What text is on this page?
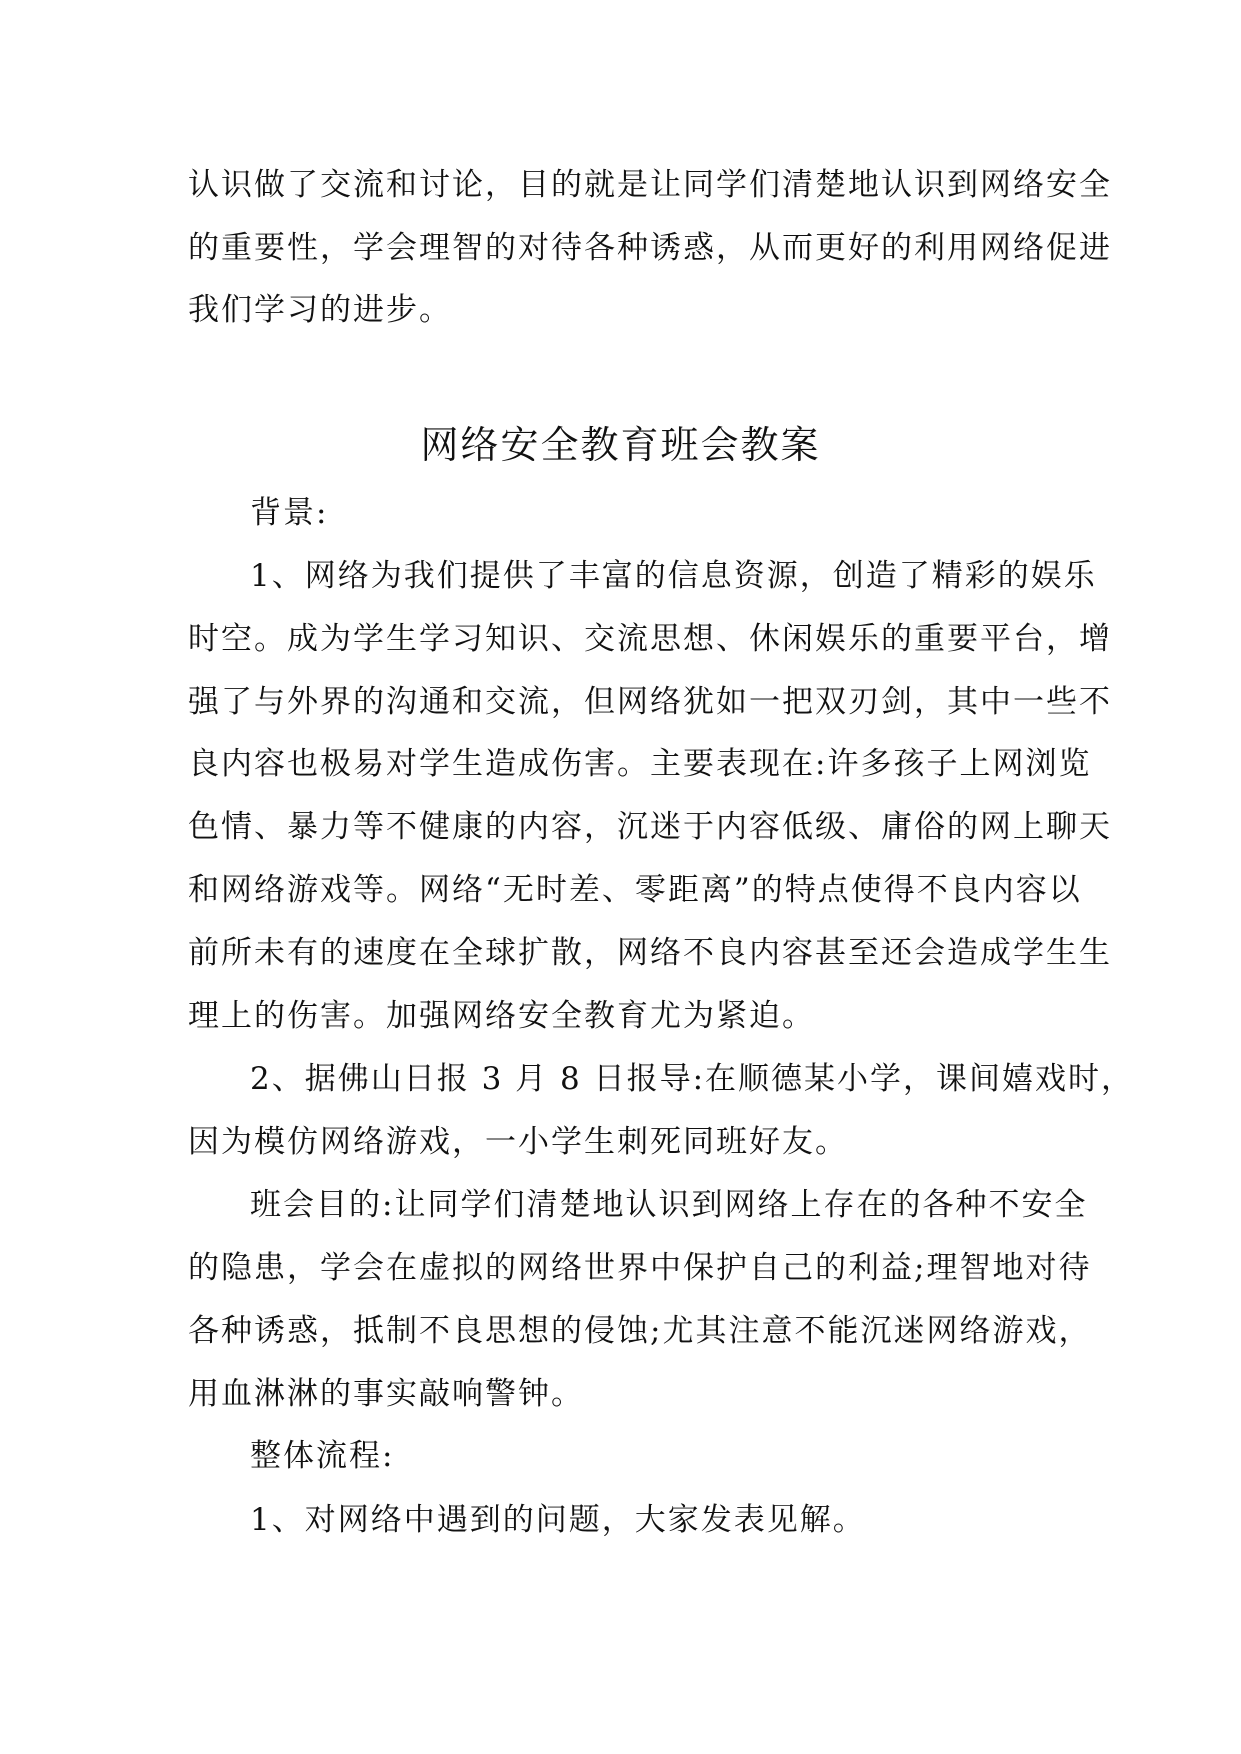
认识做了交流和讨论，目的就是让同学们清楚地认识到网络安全
的重要性，学会理智的对待各种诱惑，从而更好的利用网络促进
我们学习的进步。
网络安全教育班会教案
背景:
1、网络为我们提供了丰富的信息资源，创造了精彩的娱乐
时空。成为学生学习知识、交流思想、休闲娱乐的重要平台，增
强了与外界的沟通和交流，但网络犹如一把双刃剑，其中一些不
良内容也极易对学生造成伤害。主要表现在:许多孩子上网浏览
色情、暴力等不健康的内容，沉迷于内容低级、庸俗的网上聊天
和网络游戏等。网络“无时差、零距离”的特点使得不良内容以
前所未有的速度在全球扩散，网络不良内容甚至还会造成学生生
理上的伤害。加强网络安全教育尤为紧迫。
2、据佛山日报 3 月 8 日报导:在顺德某小学，课间嬉戏时，
因为模仿网络游戏，一小学生刺死同班好友。
班会目的:让同学们清楚地认识到网络上存在的各种不安全
的隐患，学会在虚拟的网络世界中保护自己的利益;理智地对待
各种诱惑，抵制不良思想的侵蚀;尤其注意不能沉迷网络游戏，
用血淋淋的事实敲响警钟。
整体流程:
1、对网络中遇到的问题，大家发表见解。
